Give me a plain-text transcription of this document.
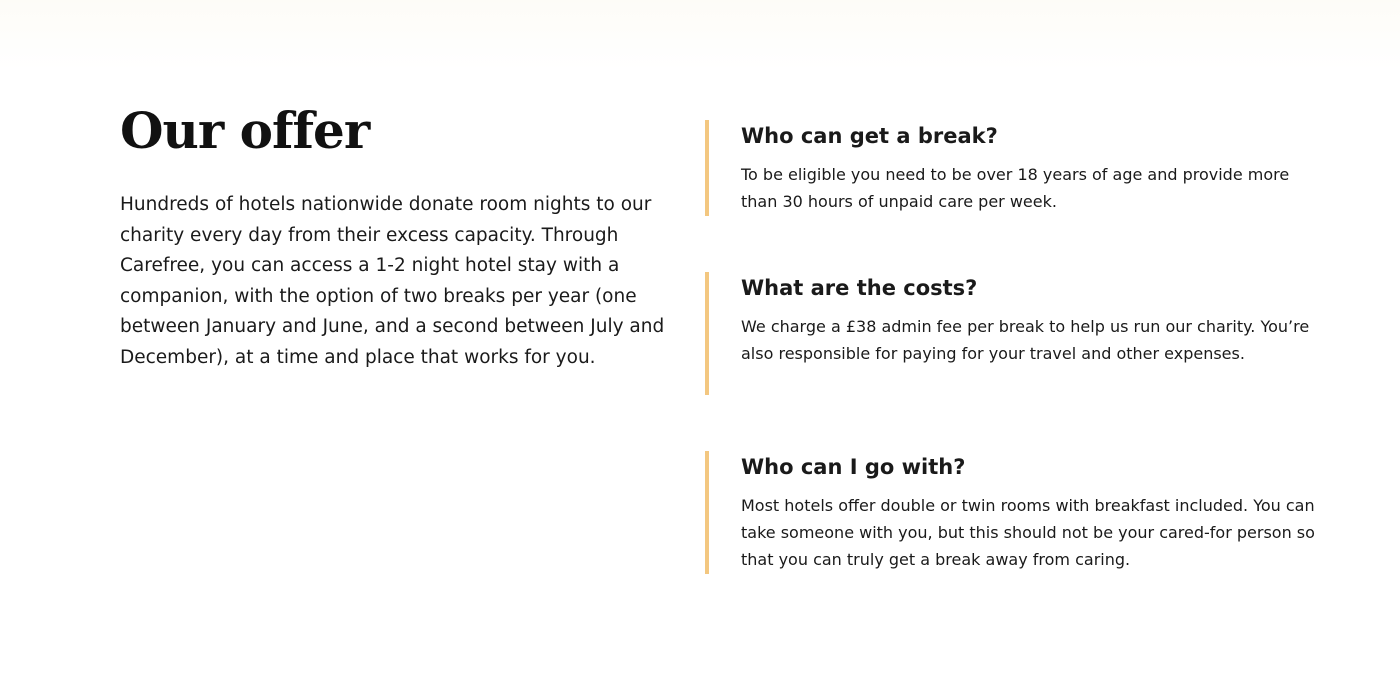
Our offer

Hundreds of hotels nationwide donate room nights to our charity every day from their excess capacity. Through Carefree, you can access a 1-2 night hotel stay with a companion, with the option of two breaks per year (one between January and June, and a second between July and December), at a time and place that works for you.

Who can get a break?

To be eligible you need to be over 18 years of age and provide more than 30 hours of unpaid care per week.

What are the costs?

We charge a £38 admin fee per break to help us run our charity. You’re also responsible for paying for your travel and other expenses.

Who can I go with?

Most hotels offer double or twin rooms with breakfast included. You can take someone with you, but this should not be your cared-for person so that you can truly get a break away from caring.
